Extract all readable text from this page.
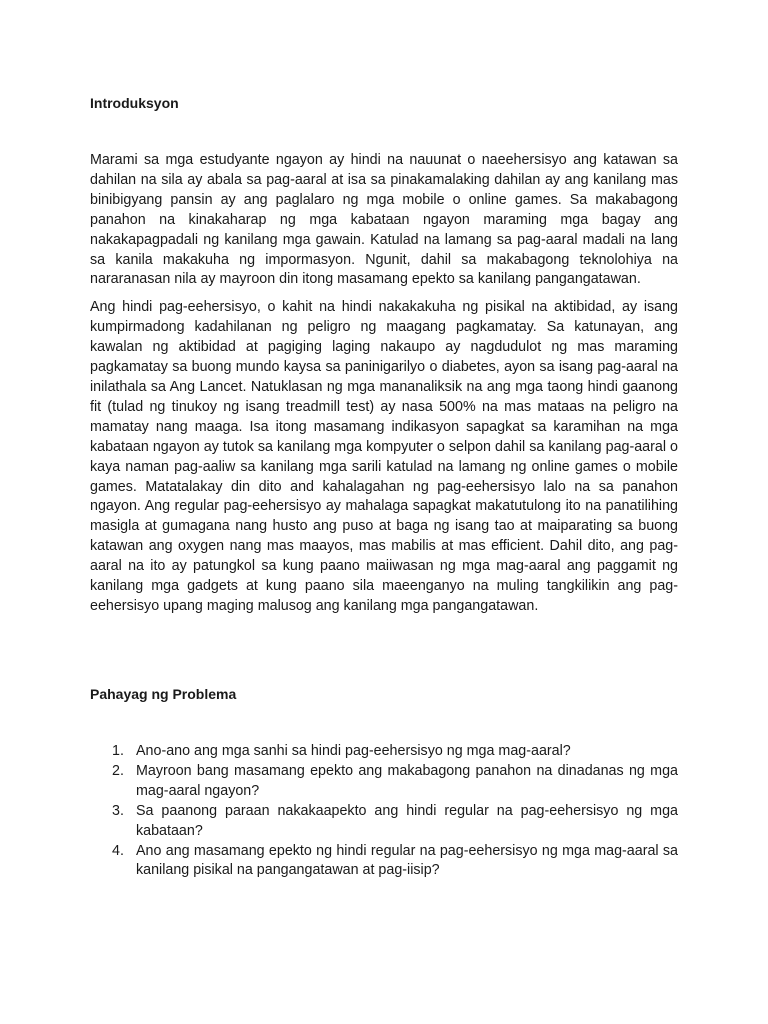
Introduksyon

Marami sa mga estudyante ngayon ay hindi na nauunat o naeehersisyo ang katawan sa dahilan na sila ay abala sa pag-aaral at isa sa pinakamalaking dahilan ay ang kanilang mas binibigyang pansin ay ang paglalaro ng mga mobile o online games. Sa makabagong panahon na kinakaharap ng mga kabataan ngayon maraming mga bagay ang nakakapagpadali ng kanilang mga gawain. Katulad na lamang sa pag-aaral madali na lang sa kanila makakuha ng impormasyon. Ngunit, dahil sa makabagong teknolohiya na nararanasan nila ay mayroon din itong masamang epekto sa kanilang pangangatawan.

Ang hindi pag-eehersisyo, o kahit na hindi nakakakuha ng pisikal na aktibidad, ay isang kumpirmadong kadahilanan ng peligro ng maagang pagkamatay. Sa katunayan, ang kawalan ng aktibidad at pagiging laging nakaupo ay nagdudulot ng mas maraming pagkamatay sa buong mundo kaysa sa paninigarilyo o diabetes, ayon sa isang pag-aaral na inilathala sa Ang Lancet. Natuklasan ng mga mananaliksik na ang mga taong hindi gaanong fit (tulad ng tinukoy ng isang treadmill test) ay nasa 500% na mas mataas na peligro na mamatay nang maaga. Isa itong masamang indikasyon sapagkat sa karamihan na mga kabataan ngayon ay tutok sa kanilang mga kompyuter o selpon dahil sa kanilang pag-aaral o kaya naman pag-aaliw sa kanilang mga sarili katulad na lamang ng online games o mobile games. Matatalakay din dito and kahalagahan ng pag-eehersisyo lalo na sa panahon ngayon. Ang regular pag-eehersisyo ay mahalaga sapagkat makatutulong ito na panatilihing masigla at gumagana nang husto ang puso at baga ng isang tao at maiparating sa buong katawan ang oxygen nang mas maayos, mas mabilis at mas efficient. Dahil dito, ang pag-aaral na ito ay patungkol sa kung paano maiiwasan ng mga mag-aaral ang paggamit ng kanilang mga gadgets at kung paano sila maeenganyo na muling tangkilikin ang pag-eehersisyo upang maging malusog ang kanilang mga pangangatawan.

Pahayag ng Problema
1. Ano-ano ang mga sanhi sa hindi pag-eehersisyo ng mga mag-aaral?
2. Mayroon bang masamang epekto ang makabagong panahon na dinadanas ng mga mag-aaral ngayon?
3. Sa paanong paraan nakakaapekto ang hindi regular na pag-eehersisyo ng mga kabataan?
4. Ano ang masamang epekto ng hindi regular na pag-eehersisyo ng mga mag-aaral sa kanilang pisikal na pangangatawan at pag-iisip?
